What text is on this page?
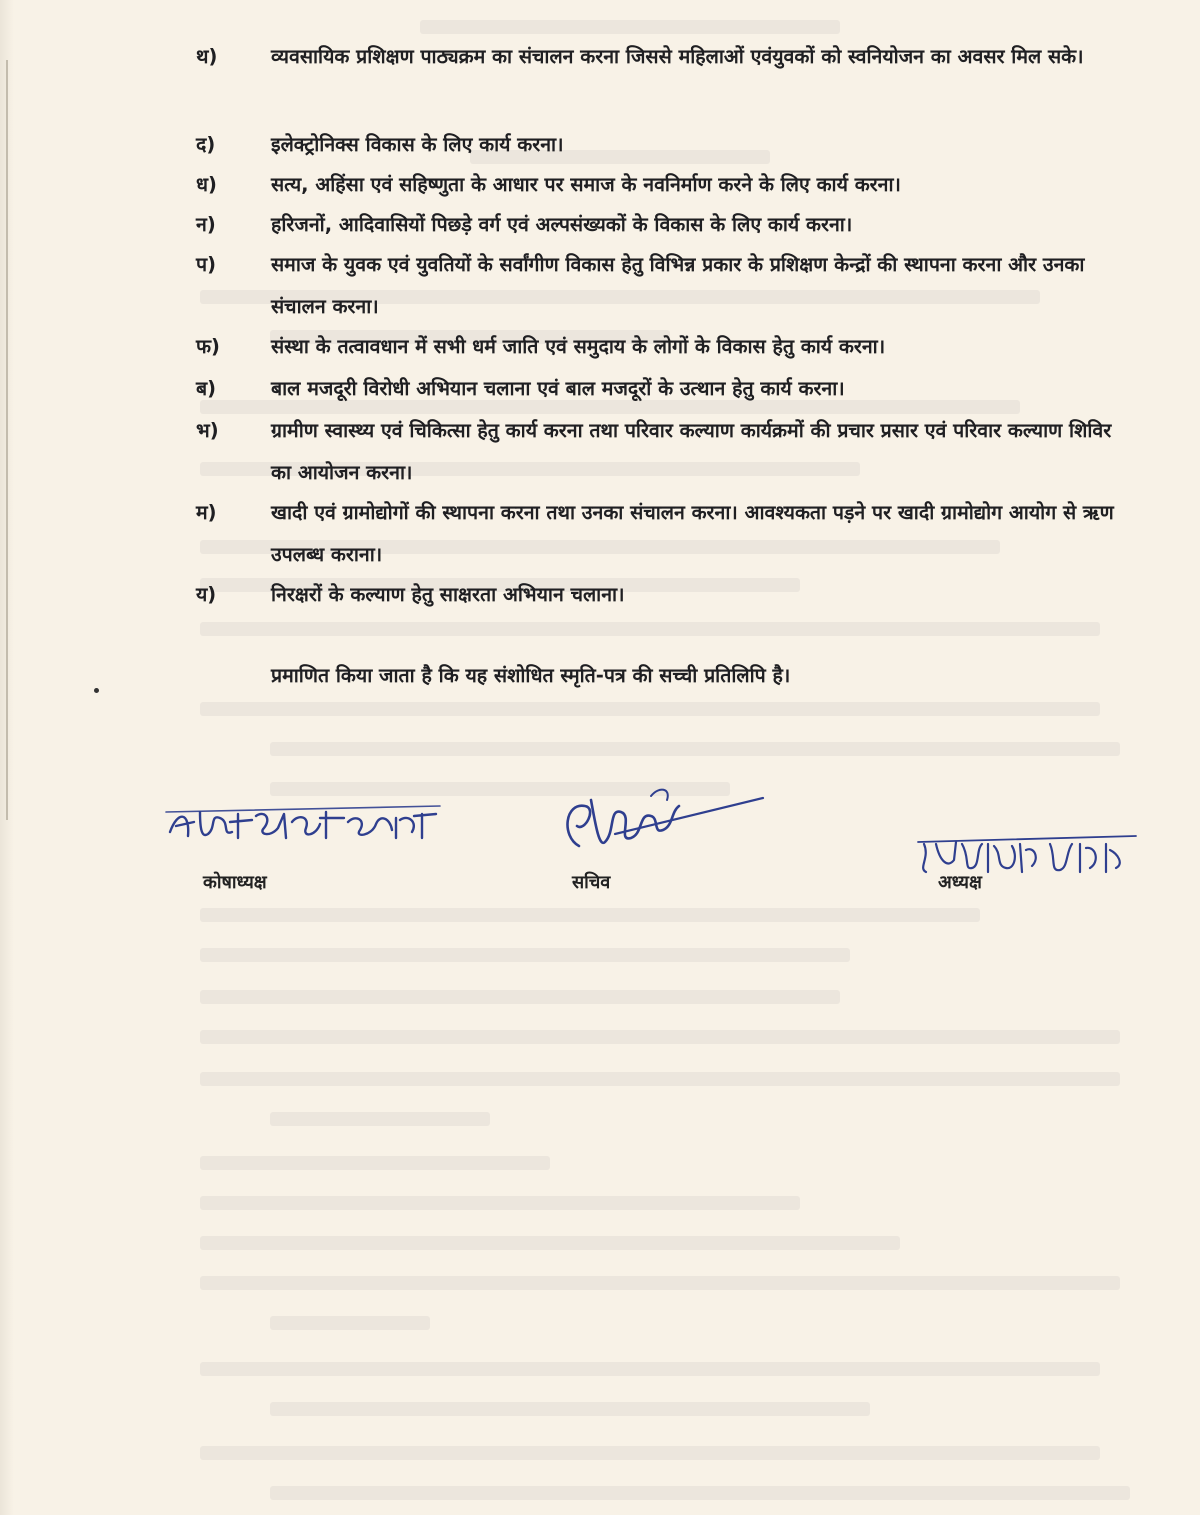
थ)	व्यवसायिक प्रशिक्षण पाठ्यक्रम का संचालन करना जिससे महिलाओं एवंयुवकों को स्वनियोजन का अवसर मिल सके।
द)	इलेक्ट्रोनिक्स विकास के लिए कार्य करना।
ध)	सत्य, अहिंसा एवं सहिष्णुता के आधार पर समाज के नवनिर्माण करने के लिए कार्य करना।
न)	हरिजनों, आदिवासियों पिछड़े वर्ग एवं अल्पसंख्यकों के विकास के लिए कार्य करना।
प)	समाज के युवक एवं युवतियों के सर्वांगीण विकास हेतु विभिन्न प्रकार के प्रशिक्षण केन्द्रों की स्थापना करना और उनका संचालन करना।
फ)	संस्था के तत्वावधान में सभी धर्म जाति एवं समुदाय के लोगों के विकास हेतु कार्य करना।
ब)	बाल मजदूरी विरोधी अभियान चलाना एवं बाल मजदूरों के उत्थान हेतु कार्य करना।
भ)	ग्रामीण स्वास्थ्य एवं चिकित्सा हेतु कार्य करना तथा परिवार कल्याण कार्यक्रमों की प्रचार प्रसार एवं परिवार कल्याण शिविर का आयोजन करना।
म)	खादी एवं ग्रामोद्योगों की स्थापना करना तथा उनका संचालन करना। आवश्यकता पड़ने पर खादी ग्रामोद्योग आयोग से ऋण उपलब्ध कराना।
य)	निरक्षरों के कल्याण हेतु साक्षरता अभियान चलाना।
प्रमाणित किया जाता है कि यह संशोधित स्मृति-पत्र की सच्ची प्रतिलिपि है।
कोषाध्यक्ष	सचिव	अध्यक्ष
